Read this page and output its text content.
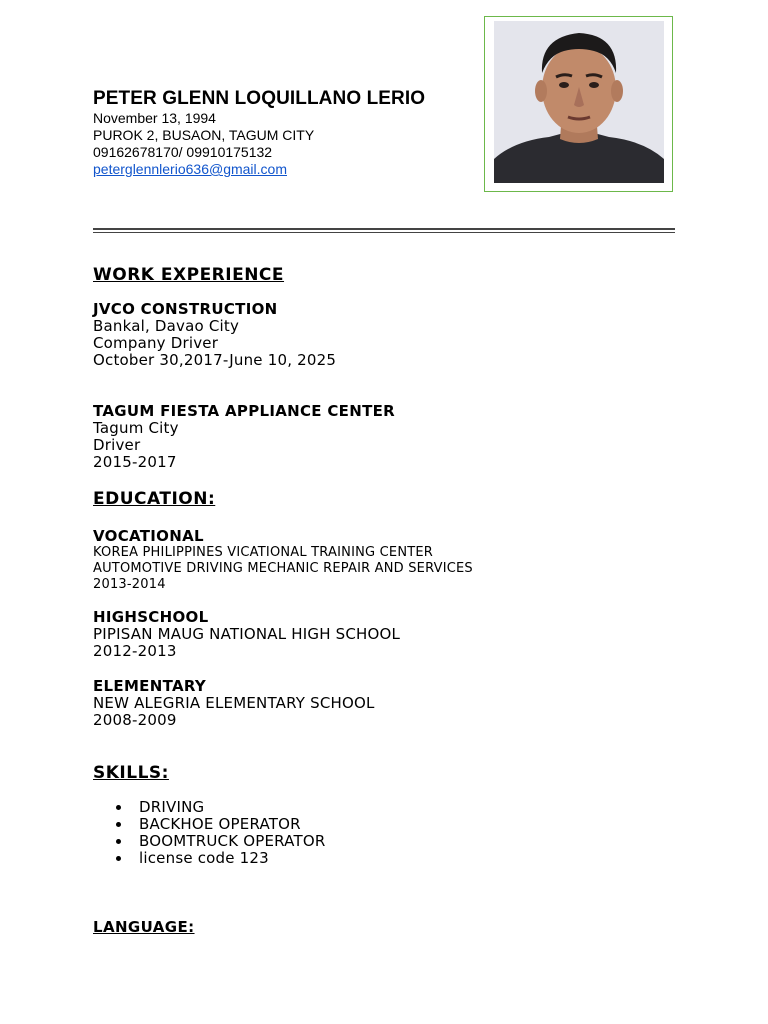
PETER GLENN LOQUILLANO LERIO
November 13, 1994
PUROK 2, BUSAON, TAGUM CITY
09162678170/ 09910175132
peterglennlerio636@gmail.com
WORK EXPERIENCE
JVCO CONSTRUCTION
Bankal, Davao City
Company Driver
October 30,2017-June 10, 2025
TAGUM FIESTA APPLIANCE CENTER
Tagum City
Driver
2015-2017
EDUCATION:
VOCATIONAL
KOREA PHILIPPINES VICATIONAL TRAINING CENTER
AUTOMOTIVE DRIVING MECHANIC REPAIR AND SERVICES
2013-2014
HIGHSCHOOL
PIPISAN MAUG NATIONAL HIGH SCHOOL
2012-2013
ELEMENTARY
NEW ALEGRIA ELEMENTARY SCHOOL
2008-2009
SKILLS:
DRIVING
BACKHOE OPERATOR
BOOMTRUCK OPERATOR
license code 123
LANGUAGE:
